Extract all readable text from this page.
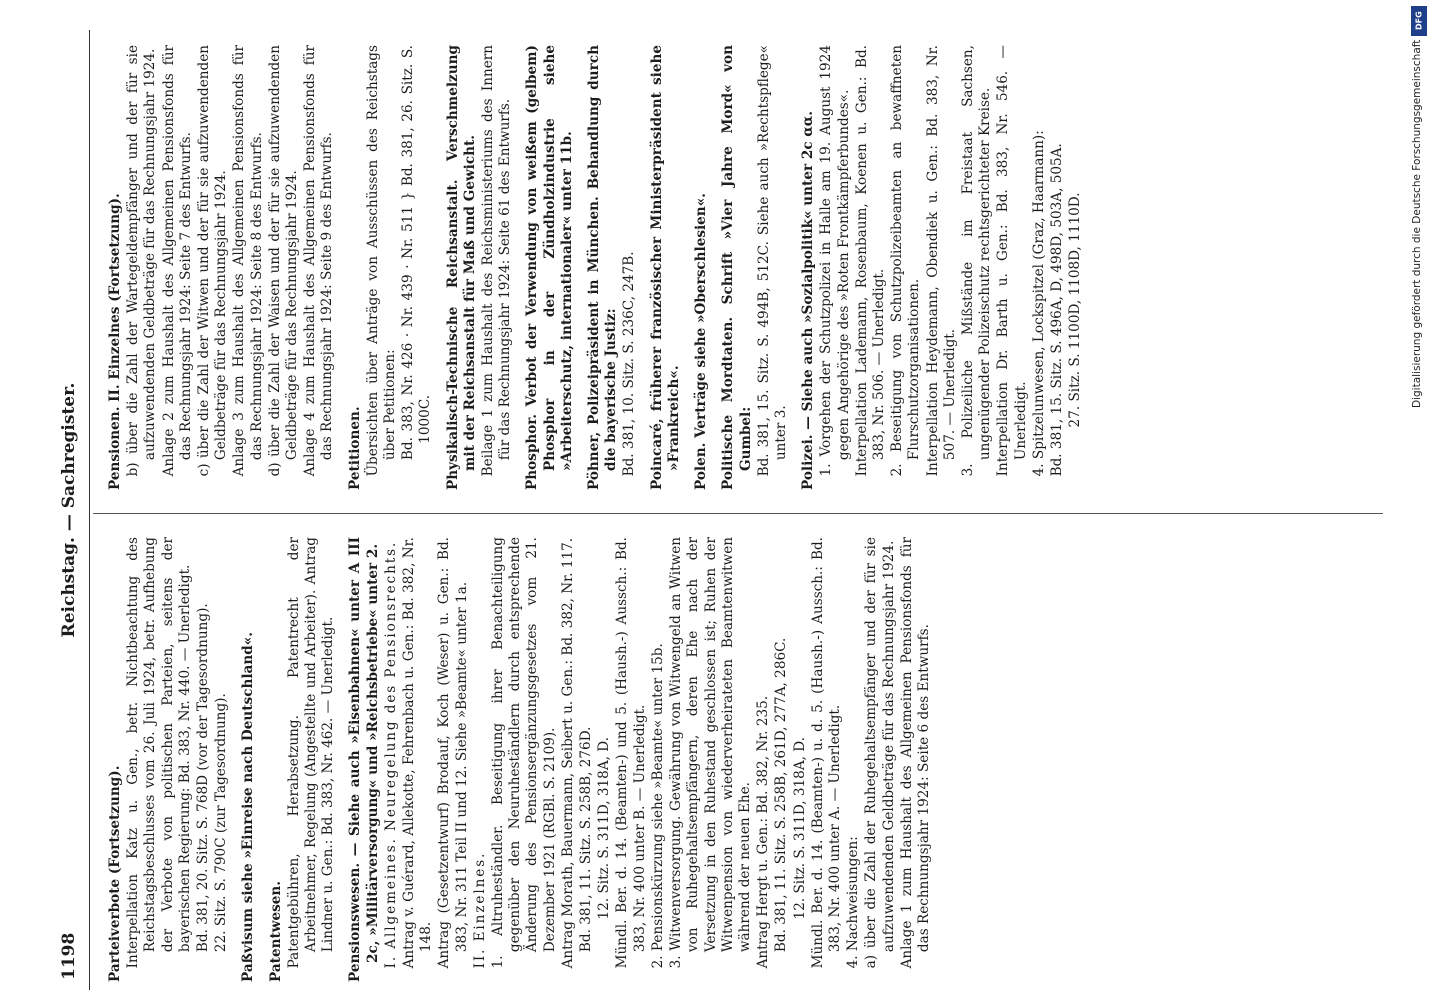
1198
Reichstag. — Sachregister.
Parteiverbote (Fortsetzung). Interpellation Katz u. Gen., betr. Nichtbeachtung des Reichstagsbeschlusses vom 26. Juli 1924, betr. Aufhebung der Verbote von politischen Parteien, seitens der bayerischen Regierung: Bd. 383, Nr. 440. — Unerledigt. Bd. 381, 20. Sitz. S. 768D (vor der Tagesordnung). 22. Sitz. S. 790C (zur Tagesordnung). Paßvisum siehe »Einreise nach Deutschland«. Patentwesen. Patentgebühren, Herabsetzung. Patentrecht der Arbeitnehmer, Regelung (Angestellte und Arbeiter). Antrag Lindner u. Gen.: Bd. 383, Nr. 462. — Unerledigt. Pensionswesen. — Siehe auch »Eisenbahnen« unter A III 2c, »Militärversorgung« und »Reichsbetriebe« unter 2. I. Allgemeines. Neuregelung des Pensionsrechts. Antrag v. Guérard, Allekotte, Fehrenbach u. Gen.: Bd. 382, Nr. 148. Antrag (Gesetzentwurf) Brodauf, Koch (Weser) u. Gen.: Bd. 383, Nr. 311 Teil II und 12. Siehe »Beamte« unter 1a. II. Einzelnes. 1. Altruheständler. Beseitigung ihrer Benachteiligung gegenüber den Neuruheständlern durch entsprechende Änderung des Pensionsergänzungsgesetzes vom 21. Dezember 1921 (RGBl. S. 2109). Antrag Morath, Bauermann, Seibert u. Gen.: Bd. 382, Nr. 117. Bd. 381, 11. Sitz. S. 258B, 276D. 12. Sitz. S. 311D, 318A, D. Mündl. Ber. d. 14. (Beamten-) und 5. (Haush.-) Aussch.: Bd. 383, Nr. 400 unter B. — Unerledigt. 2. Pensionskürzung siehe »Beamte« unter 15b. 3. Witwenversorgung. Gewährung von Witwengeld an Witwen von Ruhegehaltsempfängern, deren Ehe nach der Versetzung in den Ruhestand geschlossen ist; Ruhen der Witwenpension von wiederverheirateten Beamtenwitwen während der neuen Ehe. Antrag Hergt u. Gen.: Bd. 382, Nr. 235. Bd. 381, 11. Sitz. S. 258B, 261D, 277A, 286C. 12. Sitz. S. 311D, 318A, D. Mündl. Ber. d. 14. (Beamten-) u. d. 5. (Haush.-) Aussch.: Bd. 383, Nr. 400 unter A. — Unerledigt. 4. Nachweisungen: a) über die Zahl der Ruhegehaltsempfänger und der für sie aufzuwendenden Geldbeträge für das Rechnungsjahr 1924. Anlage 1 zum Haushalt des Allgemeinen Pensionsfonds für das Rechnungsjahr 1924: Seite 6 des Entwurfs.
Pensionen. II. Einzelnes (Fortsetzung). b) über die Zahl der Wartegeldempfänger und der für sie aufzuwendenden Geldbeträge für das Rechnungsjahr 1924. Anlage 2 zum Haushalt des Allgemeinen Pensionsfonds für das Rechnungsjahr 1924: Seite 7 des Entwurfs. c) über die Zahl der Witwen und der für sie aufzuwendenden Geldbeträge für das Rechnungsjahr 1924. Anlage 3 zum Haushalt des Allgemeinen Pensionsfonds für das Rechnungsjahr 1924: Seite 8 des Entwurfs. d) über die Zahl der Waisen und der für sie aufzuwendenden Geldbeträge für das Rechnungsjahr 1924. Anlage 4 zum Haushalt des Allgemeinen Pensionsfonds für das Rechnungsjahr 1924: Seite 9 des Entwurfs. Petitionen. Übersichten über Anträge von Ausschüssen des Reichstags über Petitionen: Bd. 383, Nr. 426 · Nr. 439 · Nr. 511 } Bd. 381, 26. Sitz. S. 1000C. Physikalisch-Technische Reichsanstalt. Verschmelzung mit der Reichsanstalt für Maß und Gewicht. Beilage 1 zum Haushalt des Reichsministeriums des Innern für das Rechnungsjahr 1924: Seite 61 des Entwurfs. Phosphor. Verbot der Verwendung von weißem (gelbem) Phosphor in der Zündholzindustrie siehe »Arbeiterschutz, internationaler« unter 11b. Pöhner, Polizeipräsident in München. Behandlung durch die bayerische Justiz: Bd. 381, 10. Sitz. S. 236C, 247B. Poincaré, früherer französischer Ministerpräsident siehe »Frankreich«. Polen. Verträge siehe »Oberschlesien«. Politische Mordtaten. Schrift »Vier Jahre Mord« von Gumbel: Bd. 381, 15. Sitz. S. 494B, 512C. Siehe auch »Rechtspflege« unter 3. Polizei. — Siehe auch »Sozialpolitik« unter 2c αα. 1. Vorgehen der Schutzpolizei in Halle am 19. August 1924 gegen Angehörige des »Roten Frontkämpferbundes«. Interpellation Lademann, Rosenbaum, Koenen u. Gen.: Bd. 383, Nr. 506. — Unerledigt. 2. Beseitigung von Schutzpolizeibeamten an bewaffneten Flurschutzorganisationen. Interpellation Heydemann, Obendiek u. Gen.: Bd. 383, Nr. 507. — Unerledigt. 3. Polizeiliche Mißstände im Freistaat Sachsen, ungenügender Polizeischutz rechtsgerichteter Kreise. Interpellation Dr. Barth u. Gen.: Bd. 383, Nr. 546. — Unerledigt. 4. Spitzelunwesen, Lockspitzel (Graz, Haarmann): Bd. 381, 15. Sitz. S. 496A, D, 498D, 503A, 505A. 27. Sitz. S. 1100D, 1108D, 1110D.
DFG
Digitalisierung gefördert durch die Deutsche Forschungsgemeinschaft
